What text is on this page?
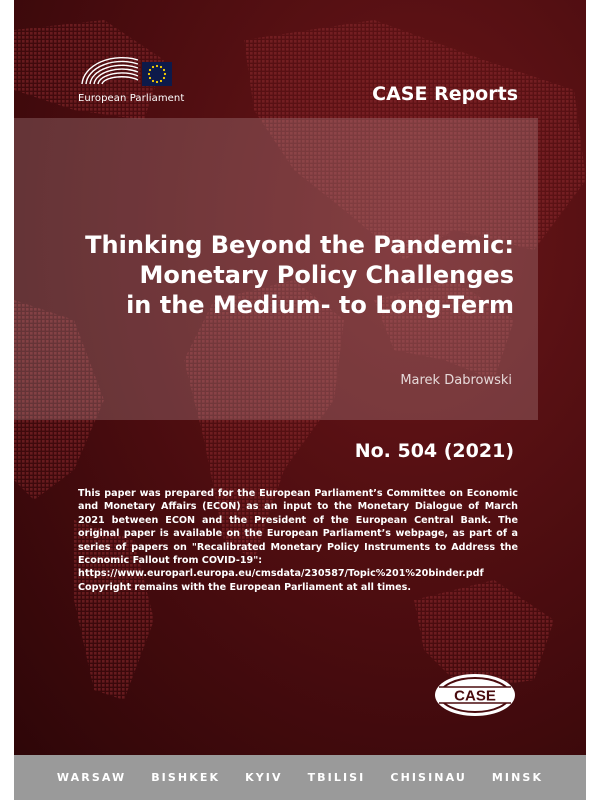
European Parliament	CASE Reports
Thinking Beyond the Pandemic:
Monetary Policy Challenges
in the Medium- to Long-Term
Marek Dabrowski
No. 504 (2021)

This paper was prepared for the European Parliament’s Committee on Economic and Monetary Affairs (ECON) as an input to the Monetary Dialogue of March 2021 between ECON and the President of the European Central Bank. The original paper is available on the European Parliament’s webpage, as part of a series of papers on "Recalibrated Monetary Policy Instruments to Address the Economic Fallout from COVID-19":

https://www.europarl.europa.eu/cmsdata/230587/Topic%201%20binder.pdf

Copyright remains with the European Parliament at all times.

CASE
WARSAW BISHKEK KYIV TBILISI CHISINAU MINSK
